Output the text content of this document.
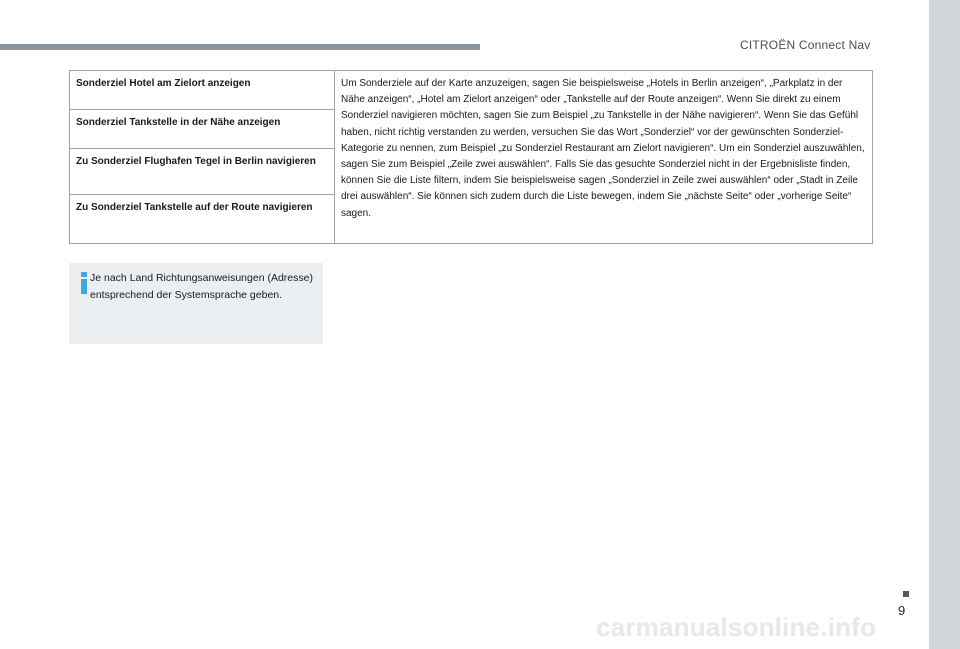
CITROËN Connect Nav
Sonderziel Hotel am Zielort anzeigen	Um Sonderziele auf der Karte anzuzeigen, sagen Sie beispielsweise „Hotels in Berlin anzeigen“, „Parkplatz in der Nähe anzeigen“, „Hotel am Zielort anzeigen“ oder „Tankstelle auf der Route anzeigen“. Wenn Sie direkt zu einem Sonderziel navigieren möchten, sagen Sie zum Beispiel „zu Tankstelle in der Nähe navigieren“. Wenn Sie das Gefühl haben, nicht richtig verstanden zu werden, versuchen Sie das Wort „Sonderziel“ vor der gewünschten Sonderziel-Kategorie zu nennen, zum Beispiel „zu Sonderziel Restaurant am Zielort navigieren“. Um ein Sonderziel auszuwählen, sagen Sie zum Beispiel „Zeile zwei auswählen“. Falls Sie das gesuchte Sonderziel nicht in der Ergebnisliste finden, können Sie die Liste filtern, indem Sie beispielsweise sagen „Sonderziel in Zeile zwei auswählen“ oder „Stadt in Zeile drei auswählen“. Sie können sich zudem durch die Liste bewegen, indem Sie „nächste Seite“ oder „vorherige Seite“ sagen.

Sonderziel Tankstelle in der Nähe anzeigen

Zu Sonderziel Flughafen Tegel in Berlin navigieren

Zu Sonderziel Tankstelle auf der Route navigieren
Je nach Land Richtungsanweisungen (Adresse) entsprechend der Systemsprache geben.
9
carmanualsonline.info
